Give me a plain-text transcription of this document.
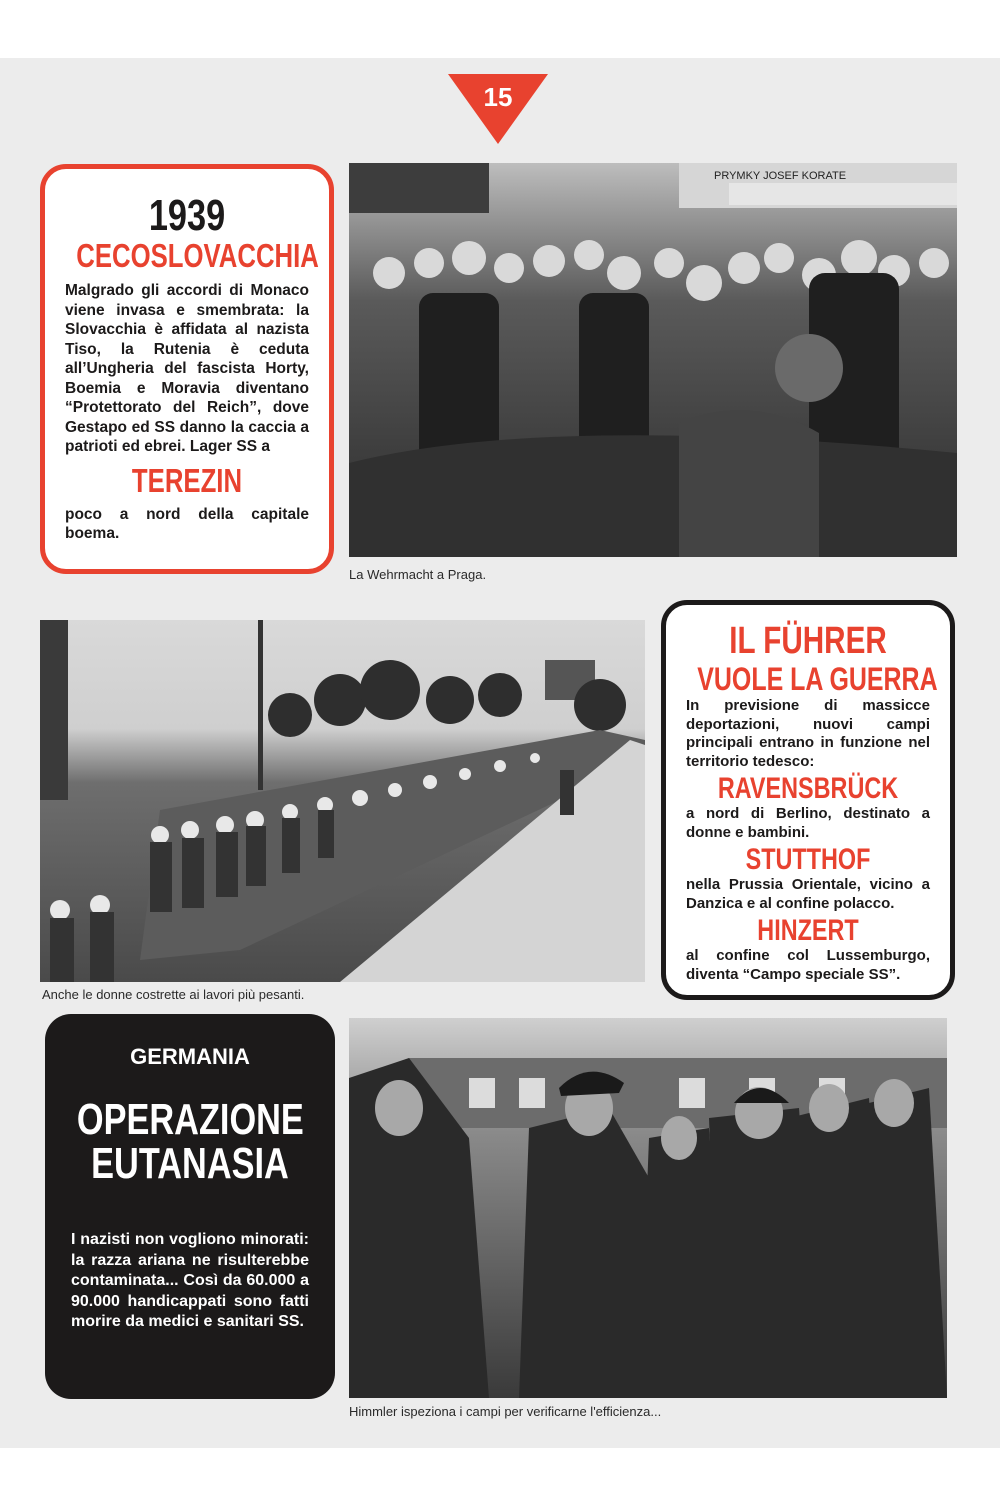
15
1939
CECOSLOVACCHIA

Malgrado gli accordi di Monaco viene invasa e smembrata: la Slovacchia è affidata al nazista Tiso, la Rutenia è ceduta all’Ungheria del fascista Horty, Boemia e Moravia diventano “Protettorato del Reich”, dove Gestapo ed SS danno la caccia a patrioti ed ebrei. Lager SS a

TEREZIN

poco a nord della capitale boema.

PRYMKY JOSEF KORATE
La Wehrmacht a Praga.
Anche le donne costrette ai lavori più pesanti.
IL FÜHRER
VUOLE LA GUERRA

In previsione di massicce deportazioni, nuovi campi principali entrano in funzione nel territorio tedesco:

RAVENSBRÜCK

a nord di Berlino, destinato a donne e bambini.

STUTTHOF

nella Prussia Orientale, vicino a Danzica e al confine polacco.

HINZERT

al confine col Lussemburgo, diventa “Campo speciale SS”.

GERMANIA
OPERAZIONE
EUTANASIA

I nazisti non vogliono minorati: la razza ariana ne risulterebbe contaminata... Così da 60.000 a 90.000 handicappati sono fatti morire da medici e sanitari SS.

Himmler ispeziona i campi per verificarne l'efficienza...
